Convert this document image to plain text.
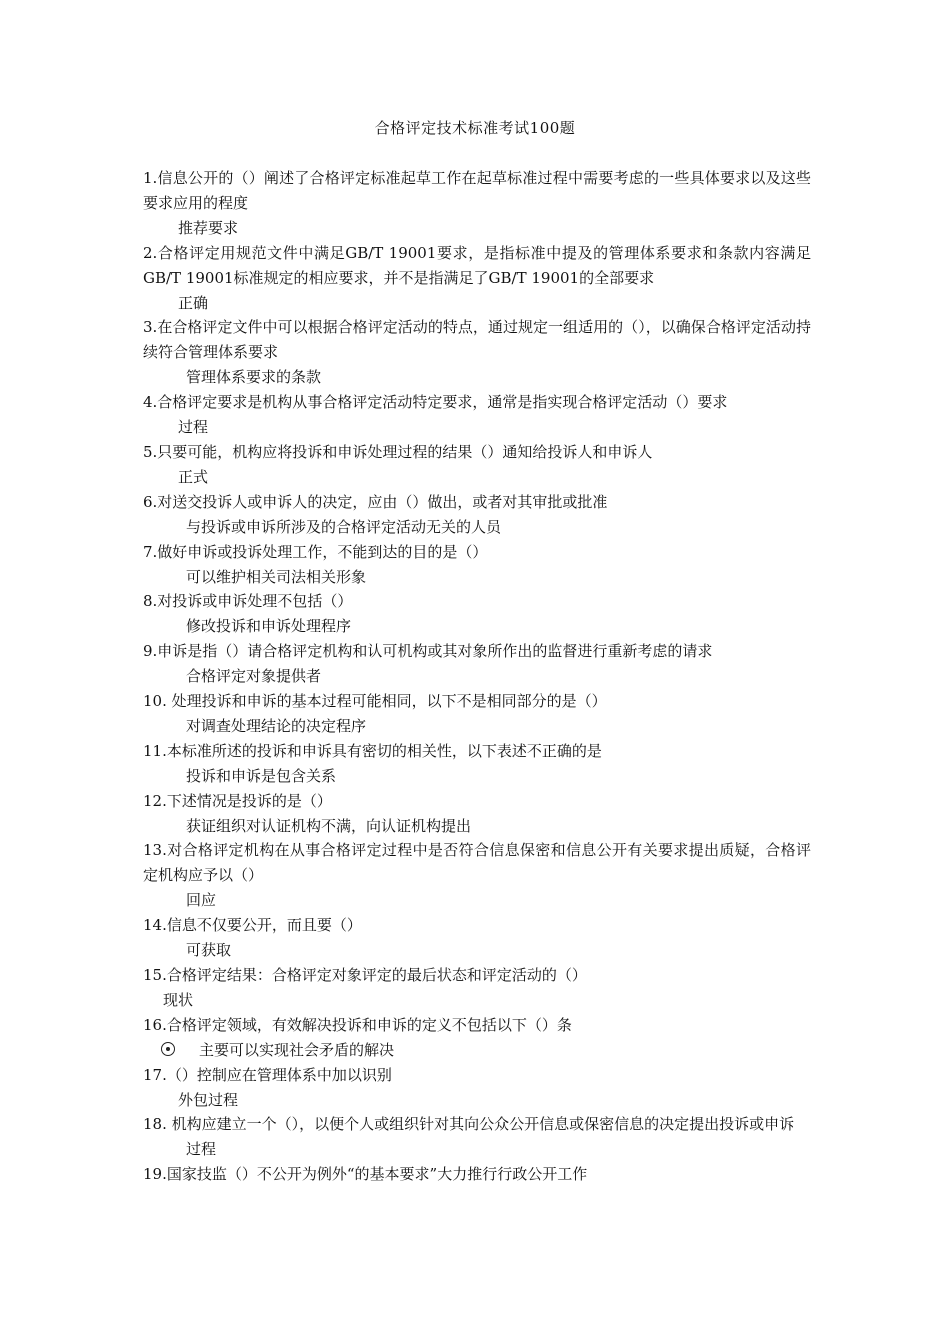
合格评定技术标准考试100题

1.信息公开的（）阐述了合格评定标准起草工作在起草标准过程中需要考虑的一些具体要求以及这些要求应用的程度

推荐要求

2.合格评定用规范文件中满足GB/T 19001要求，是指标准中提及的管理体系要求和条款内容满足GB/T 19001标准规定的相应要求，并不是指满足了GB/T 19001的全部要求

正确

3.在合格评定文件中可以根据合格评定活动的特点，通过规定一组适用的（），以确保合格评定活动持续符合管理体系要求

管理体系要求的条款

4.合格评定要求是机构从事合格评定活动特定要求，通常是指实现合格评定活动（）要求

过程

5.只要可能，机构应将投诉和申诉处理过程的结果（）通知给投诉人和申诉人

正式

6.对送交投诉人或申诉人的决定，应由（）做出，或者对其审批或批准

与投诉或申诉所涉及的合格评定活动无关的人员

7.做好申诉或投诉处理工作，不能到达的目的是（）

可以维护相关司法相关形象

8.对投诉或申诉处理不包括（）

修改投诉和申诉处理程序

9.申诉是指（）请合格评定机构和认可机构或其对象所作出的监督进行重新考虑的请求

合格评定对象提供者

10. 处理投诉和申诉的基本过程可能相同，以下不是相同部分的是（）

对调查处理结论的决定程序

11.本标准所述的投诉和申诉具有密切的相关性，以下表述不正确的是

投诉和申诉是包含关系

12.下述情况是投诉的是（）

获证组织对认证机构不满，向认证机构提出

13.对合格评定机构在从事合格评定过程中是否符合信息保密和信息公开有关要求提出质疑，合格评定机构应予以（）

回应

14.信息不仅要公开，而且要（）

可获取

15.合格评定结果：合格评定对象评定的最后状态和评定活动的（）

现状

16.合格评定领域，有效解决投诉和申诉的定义不包括以下（）条

主要可以实现社会矛盾的解决

17.（）控制应在管理体系中加以识别

外包过程

18. 机构应建立一个（），以便个人或组织针对其向公众公开信息或保密信息的决定提出投诉或申诉

过程

19.国家技监（）不公开为例外“的基本要求”大力推行行政公开工作
